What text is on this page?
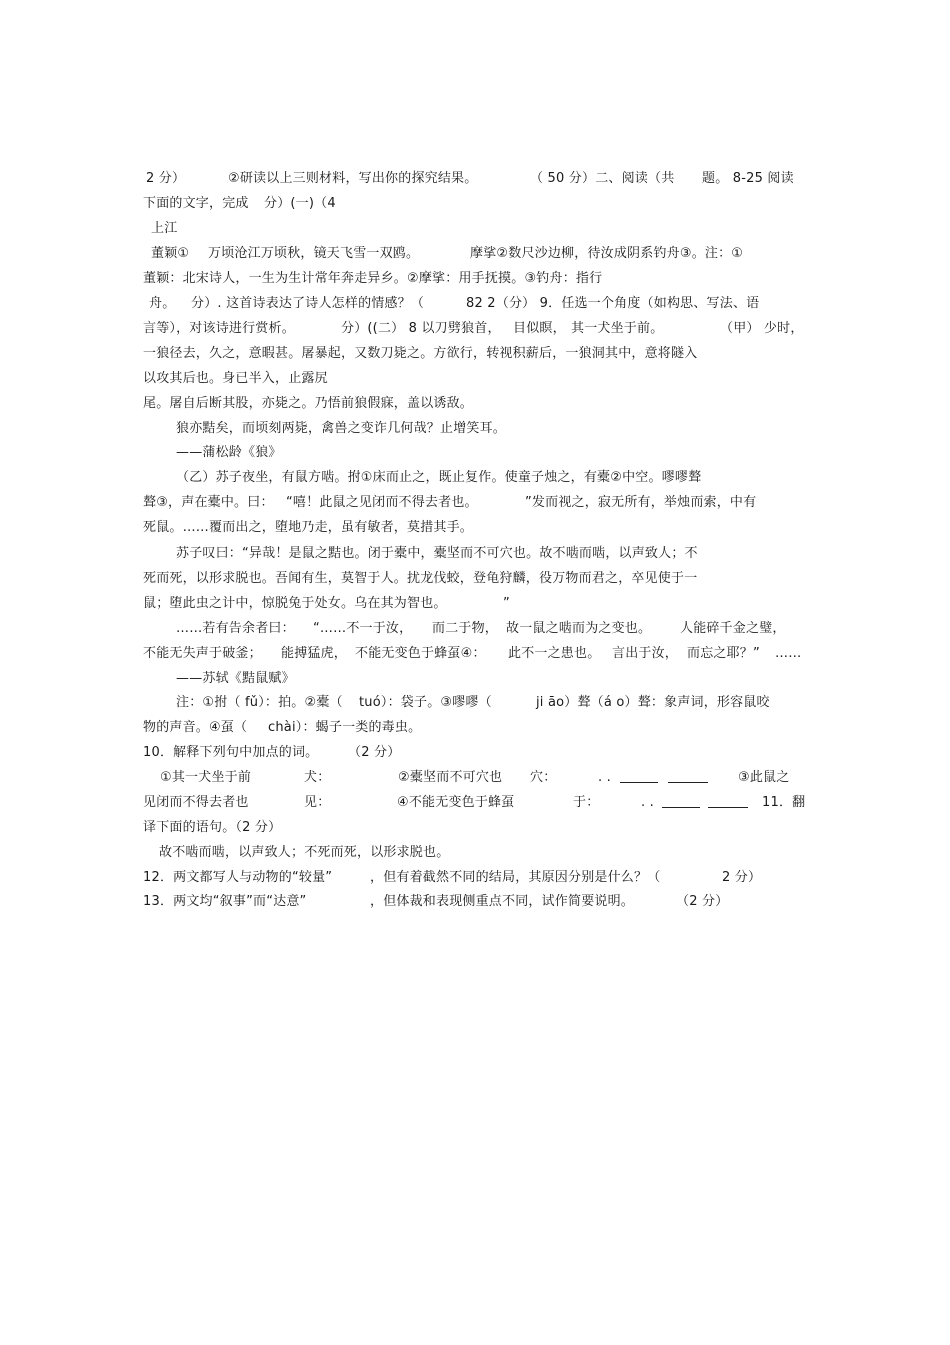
2 分）	②研读以上三则材料，写出你的探究结果。	（ 50 分）二、阅读（共 题。 8-25 阅读
下面的文字，完成 分）(一)（4
上江
董颖① 万顷沧江万顷秋，镜天飞雪一双鸥。	摩挲②数尺沙边柳，待汝成阴系钓舟③。注：①
董颖：北宋诗人，一生为生计常年奔走异乡。②摩挲：用手抚摸。③钓舟：指行
舟。 分）. 这首诗表达了诗人怎样的情感？（	82 2（分） 9．任选一个角度（如构思、写法、语
言等），对该诗进行赏析。	分）((二） 8 以刀劈狼首， 目似瞑， 其一犬坐于前。	（甲） 少时，
一狼径去，久之，意暇甚。屠暴起，又数刀毙之。方欲行，转视积薪后，一狼洞其中，意将隧入
以攻其后也。身已半入，止露尻
尾。屠自后断其股，亦毙之。乃悟前狼假寐，盖以诱敌。
狼亦黠矣，而顷刻两毙，禽兽之变诈几何哉？止增笑耳。
——蒲松龄《狼》
（乙）苏子夜坐，有鼠方啮。拊①床而止之，既止复作。使童子烛之，有橐②中空。嘐嘐聱
聱③，声在橐中。曰： “嘻！此鼠之见闭而不得去者也。	”发而视之，寂无所有，举烛而索，中有
死鼠。……覆而出之，堕地乃走，虽有敏者，莫措其手。
苏子叹曰：“异哉！是鼠之黠也。闭于橐中，橐坚而不可穴也。故不啮而啮，以声致人；不
死而死，以形求脱也。吾闻有生，莫智于人。扰龙伐蛟，登龟狩麟，役万物而君之，卒见使于一
鼠；堕此虫之计中，惊脱兔于处女。乌在其为智也。	”
……若有告余者曰： “……不一于汝， 而二于物， 故一鼠之啮而为之变也。 人能碎千金之璧，
不能无失声于破釜； 能搏猛虎， 不能无变色于蜂虿④： 此不一之患也。 言出于汝， 而忘之耶？” ……
——苏轼《黠鼠赋》
注：①拊（ fǔ）：拍。②橐（ tuó）：袋子。③嘐嘐（	ji āo）聱（á o）聱：象声词，形容鼠咬
物的声音。④虿（ chài）：蝎子一类的毒虫。
10．解释下列句中加点的词。 （2 分）
①其一犬坐于前	犬：	②橐坚而不可穴也 穴：	. .	③此鼠之
见闭而不得去者也	见：	④不能无变色于蜂虿	于：	. .	11．翻
译下面的语句。（2 分）
故不啮而啮，以声致人；不死而死，以形求脱也。
12．两文都写人与动物的“较量”	，但有着截然不同的结局，其原因分别是什么？（	2 分）
13．两文均“叙事”而“达意”	，但体裁和表现侧重点不同，试作简要说明。	（2 分）
